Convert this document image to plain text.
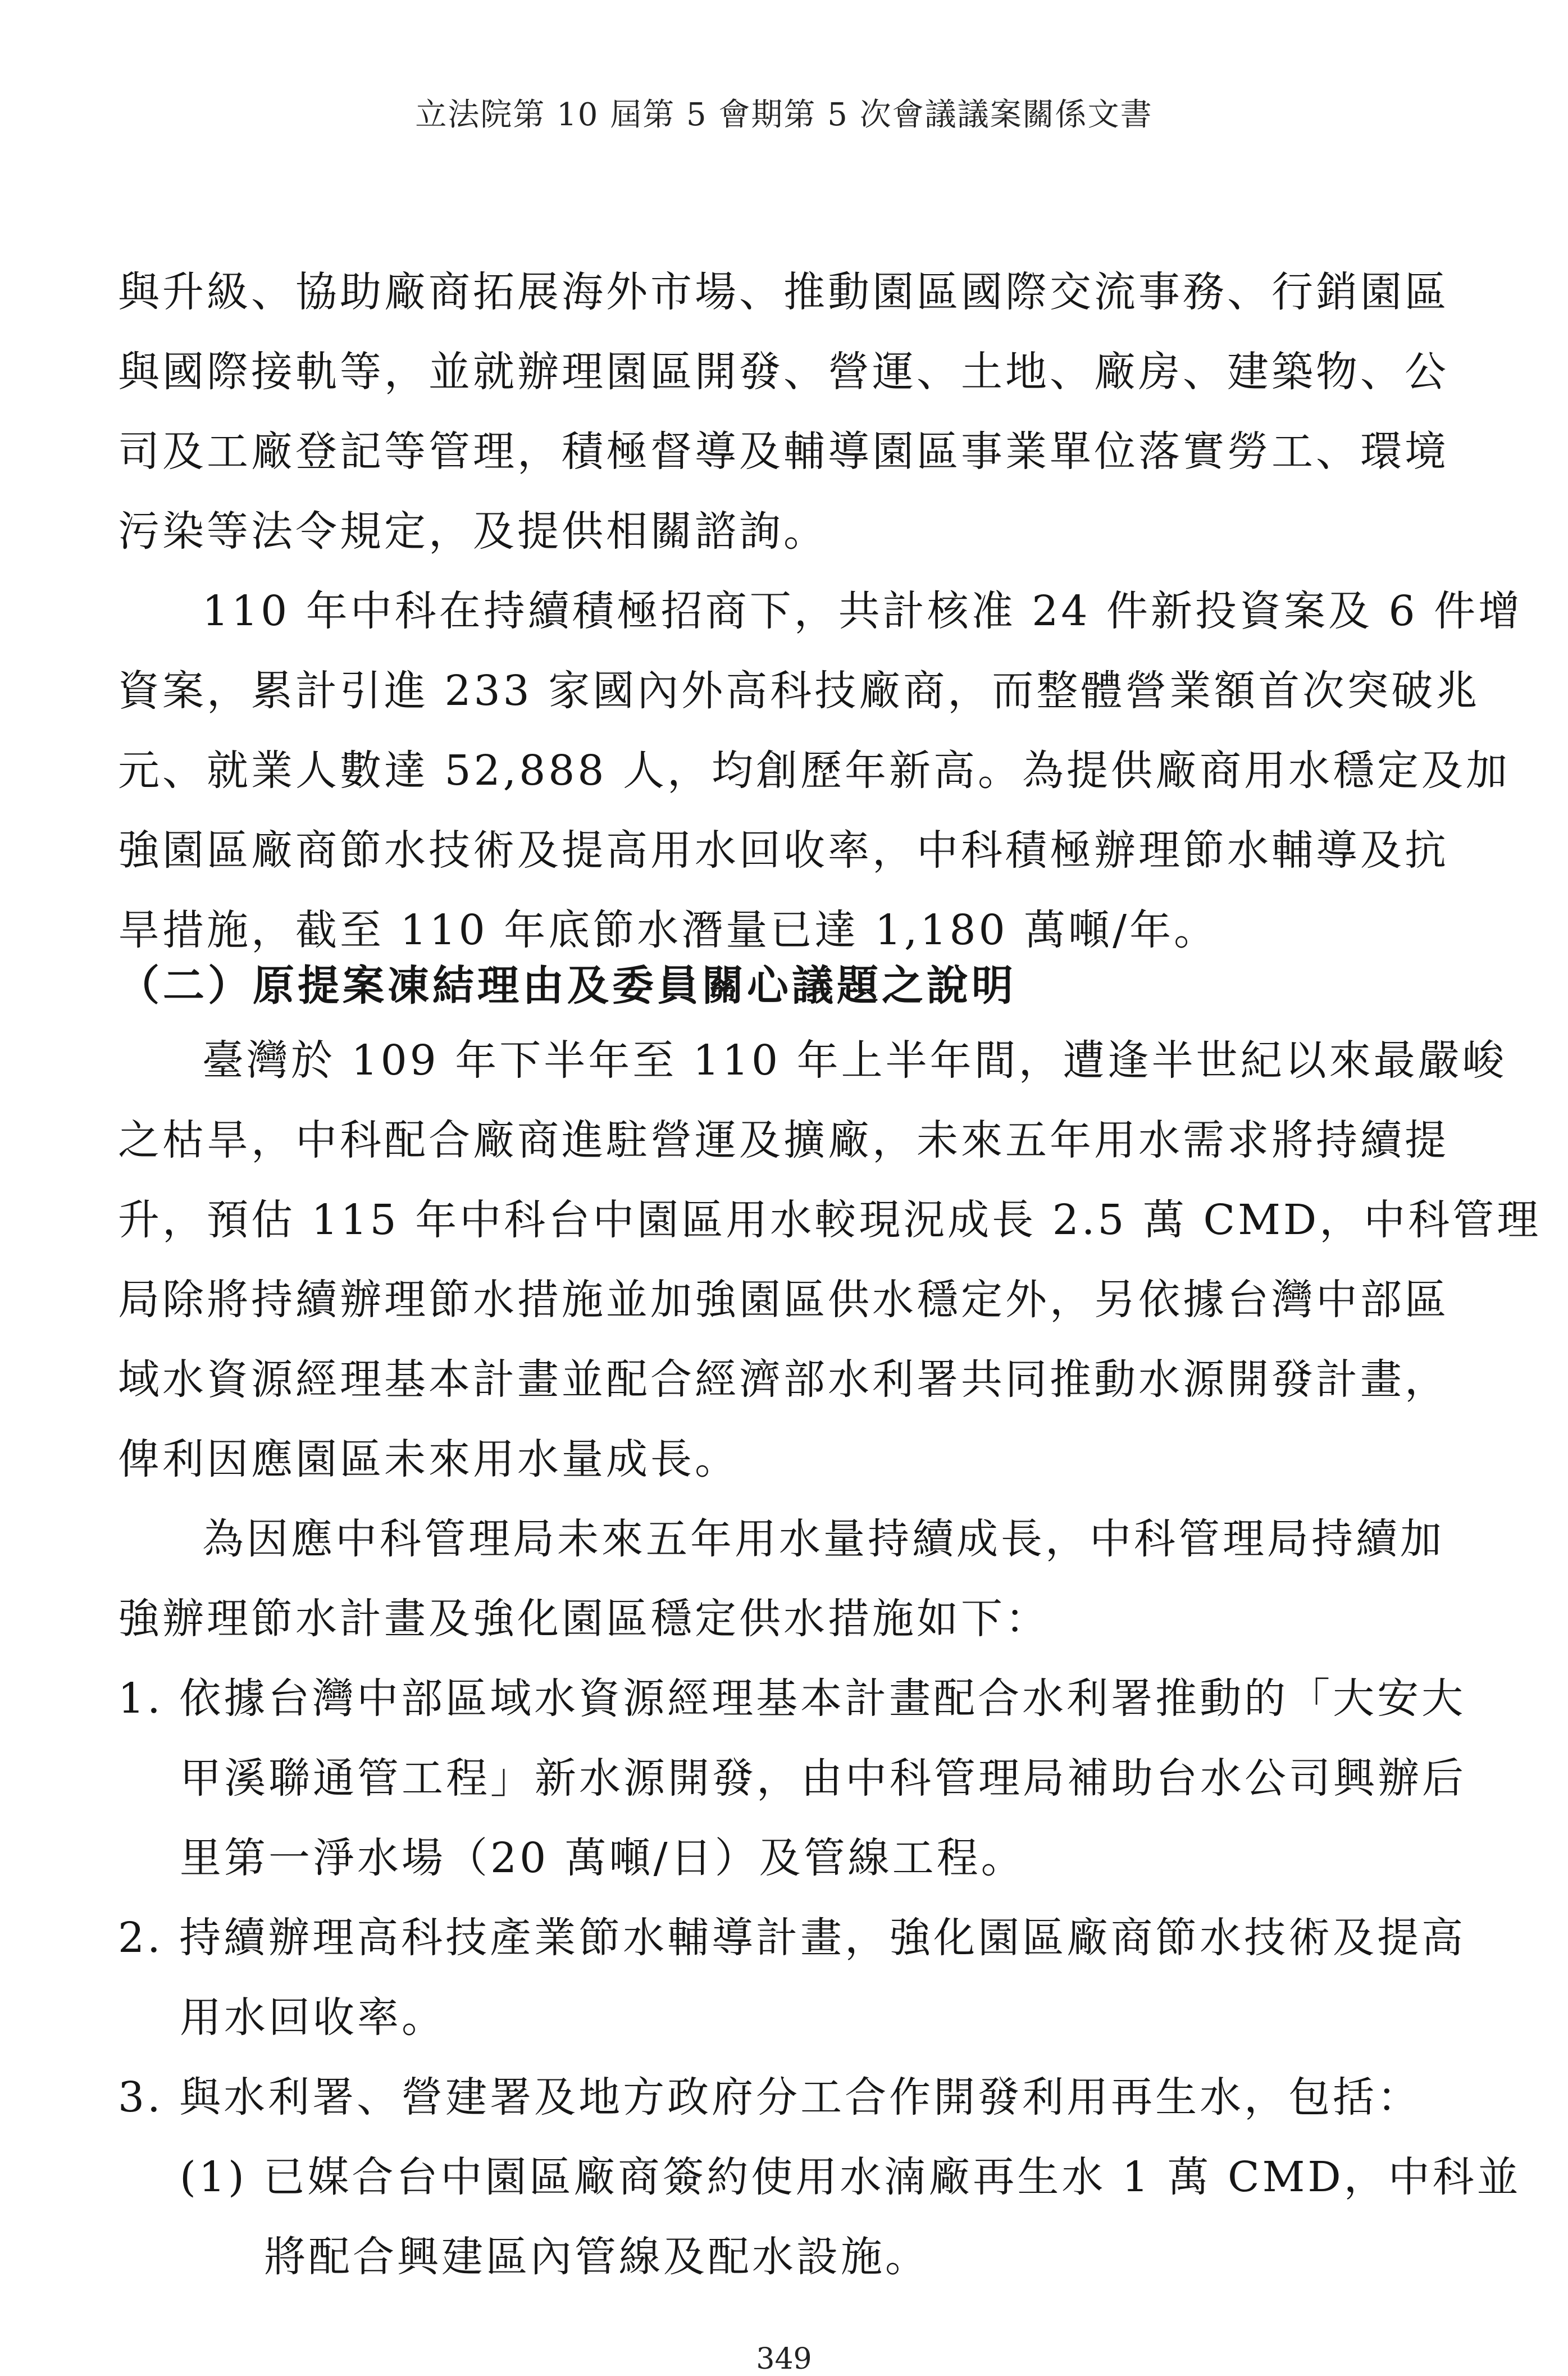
立法院第 10 屆第 5 會期第 5 次會議議案關係文書
與升級、協助廠商拓展海外市場、推動園區國際交流事務、行銷園區
與國際接軌等，並就辦理園區開發、營運、土地、廠房、建築物、公
司及工廠登記等管理，積極督導及輔導園區事業單位落實勞工、環境
污染等法令規定，及提供相關諮詢。
110 年中科在持續積極招商下，共計核准 24 件新投資案及 6 件增
資案，累計引進 233 家國內外高科技廠商，而整體營業額首次突破兆
元、就業人數達 52,888 人，均創歷年新高。為提供廠商用水穩定及加
強園區廠商節水技術及提高用水回收率，中科積極辦理節水輔導及抗
旱措施，截至 110 年底節水潛量已達 1,180 萬噸/年。
（二）原提案凍結理由及委員關心議題之說明
臺灣於 109 年下半年至 110 年上半年間，遭逢半世紀以來最嚴峻
之枯旱，中科配合廠商進駐營運及擴廠，未來五年用水需求將持續提
升，預估 115 年中科台中園區用水較現況成長 2.5 萬 CMD，中科管理
局除將持續辦理節水措施並加強園區供水穩定外，另依據台灣中部區
域水資源經理基本計畫並配合經濟部水利署共同推動水源開發計畫，
俾利因應園區未來用水量成長。
為因應中科管理局未來五年用水量持續成長，中科管理局持續加
強辦理節水計畫及強化園區穩定供水措施如下：
1. 依據台灣中部區域水資源經理基本計畫配合水利署推動的「大安大
甲溪聯通管工程」新水源開發，由中科管理局補助台水公司興辦后
里第一淨水場（20 萬噸/日）及管線工程。
2. 持續辦理高科技產業節水輔導計畫，強化園區廠商節水技術及提高
用水回收率。
3. 與水利署、營建署及地方政府分工合作開發利用再生水，包括：
(1) 已媒合台中園區廠商簽約使用水湳廠再生水 1 萬 CMD，中科並
將配合興建區內管線及配水設施。
349
